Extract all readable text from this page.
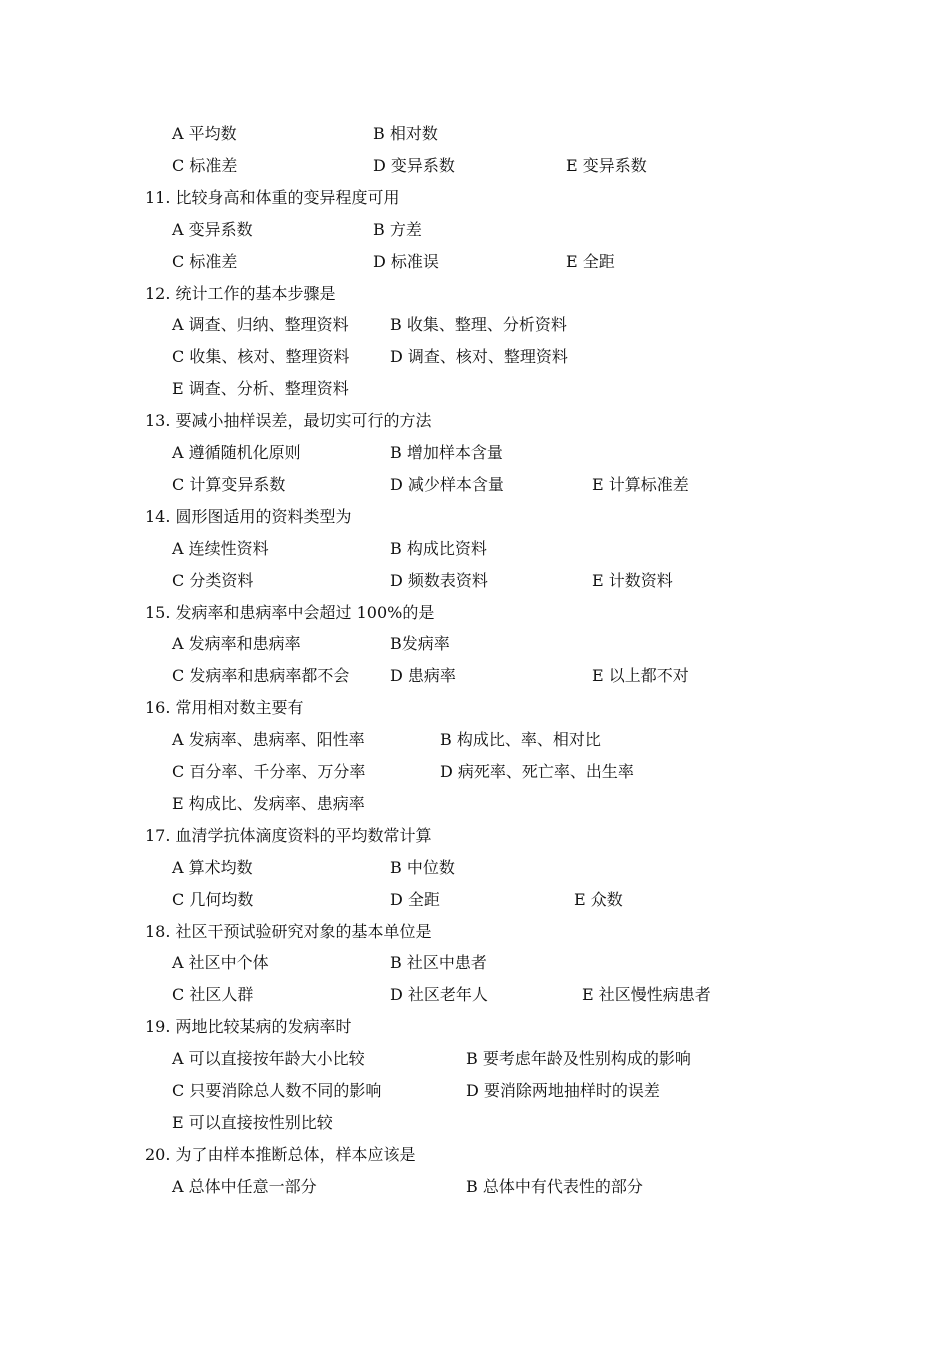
A 平均数	B 相对数
C 标准差	D 变异系数	E 变异系数
11. 比较身高和体重的变异程度可用
A 变异系数	B 方差
C 标准差	D 标准误	E 全距
12. 统计工作的基本步骤是
A 调查、归纳、整理资料	B 收集、整理、分析资料
C 收集、核对、整理资料	D 调查、核对、整理资料
E 调查、分析、整理资料
13. 要减小抽样误差，最切实可行的方法
A 遵循随机化原则	B 增加样本含量
C 计算变异系数	D 减少样本含量	E 计算标准差
14. 圆形图适用的资料类型为
A 连续性资料	B 构成比资料
C 分类资料	D 频数表资料	E 计数资料
15. 发病率和患病率中会超过 100%的是
A 发病率和患病率	B发病率
C 发病率和患病率都不会	D 患病率	E 以上都不对
16. 常用相对数主要有
A 发病率、患病率、阳性率	B 构成比、率、相对比
C 百分率、千分率、万分率	D 病死率、死亡率、出生率
E 构成比、发病率、患病率
17. 血清学抗体滴度资料的平均数常计算
A 算术均数	B 中位数
C 几何均数	D 全距	E 众数
18. 社区干预试验研究对象的基本单位是
A 社区中个体	B 社区中患者
C 社区人群	D 社区老年人	E 社区慢性病患者
19. 两地比较某病的发病率时
A 可以直接按年龄大小比较	B 要考虑年龄及性别构成的影响
C 只要消除总人数不同的影响	D 要消除两地抽样时的误差
E 可以直接按性别比较
20. 为了由样本推断总体，样本应该是
A 总体中任意一部分	B 总体中有代表性的部分
